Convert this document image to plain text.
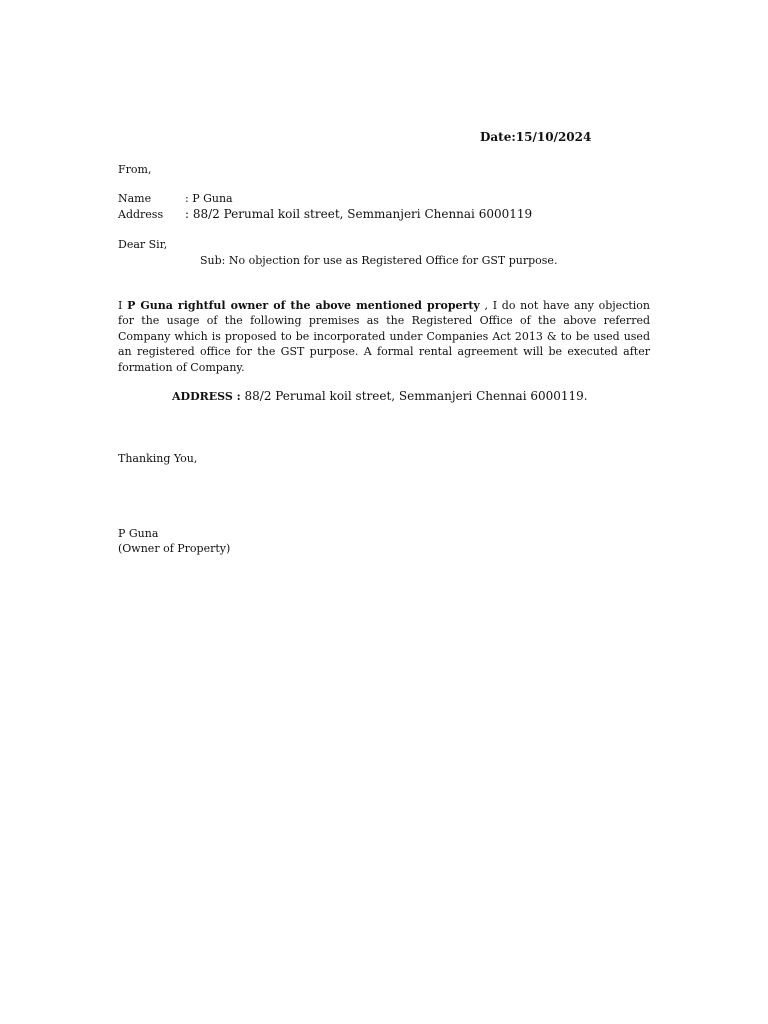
Date:15/10/2024
From,
Name	: P Guna
Address : 88/2 Perumal koil street, Semmanjeri Chennai 6000119
Dear Sir,
Sub: No objection for use as Registered Office for GST purpose.
I P Guna rightful owner of the above mentioned property , I do not have any objection for the usage of the following premises as the Registered Office of the above referred Company which is proposed to be incorporated under Companies Act 2013 & to be used used an registered office for the GST purpose. A formal rental agreement will be executed after formation of Company.
ADDRESS : 88/2 Perumal koil street, Semmanjeri Chennai 6000119.
Thanking You,
P Guna
(Owner of Property)
